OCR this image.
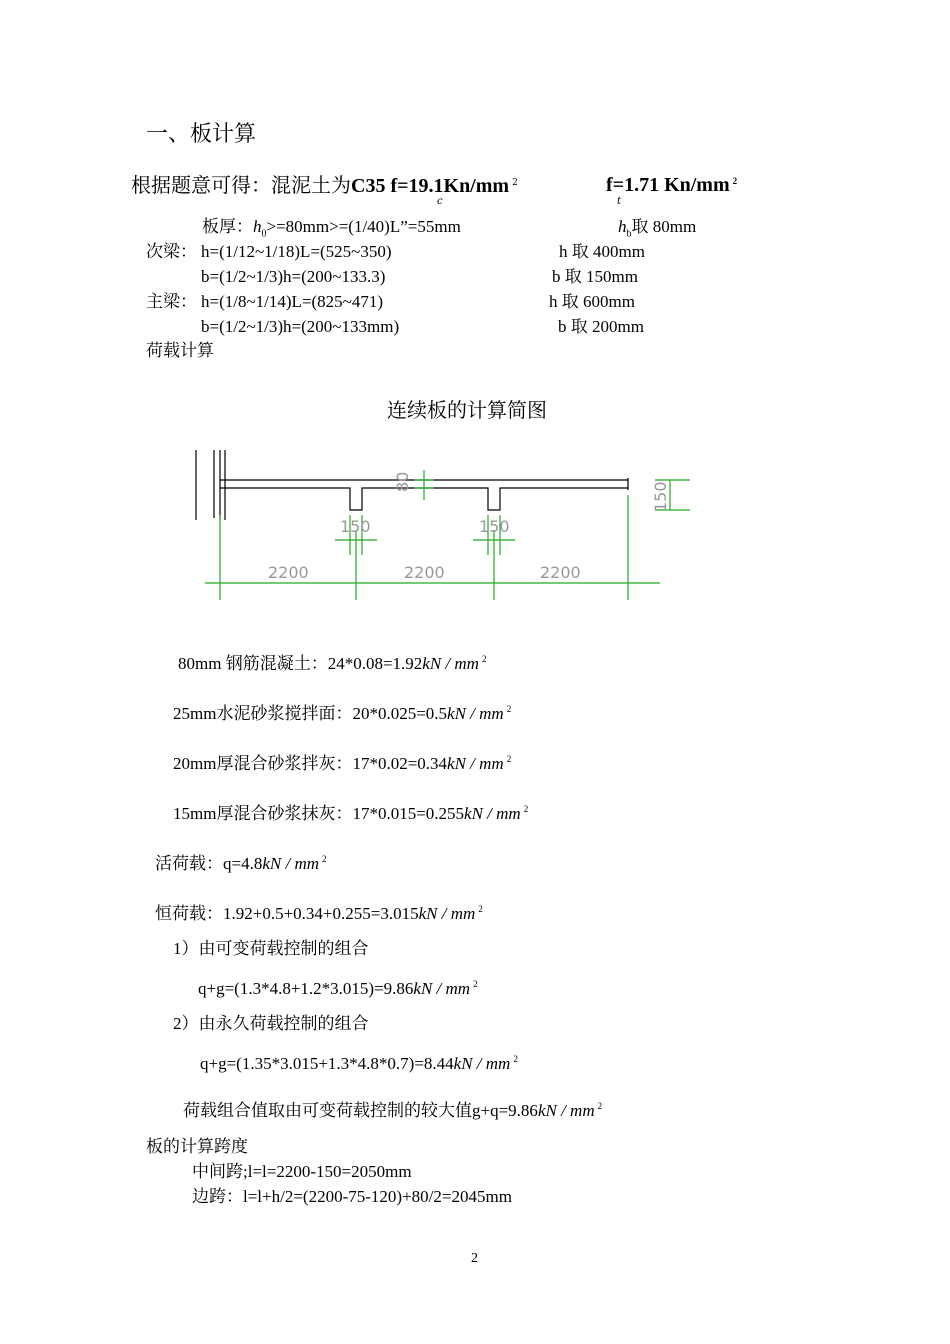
一、板计算
根据题意可得：混泥土为C35 f=19.1Kn/mm $^2$
c
f=1.71 Kn/mm $^2$
t
板厚：$h_0>=80mm>=(1/40)L”=55mm$	$h_b$取 80mm
次梁： h=(1/12~1/18)L=(525~350)	h 取 400mm
b=(1/2~1/3)h=(200~133.3)	b 取 150mm
主梁： h=(1/8~1/14)L=(825~471)	h 取 600mm
b=(1/2~1/3)h=(200~133mm)	b 取 200mm
荷载计算
连续板的计算简图
80
150	150
150
2200	2200	2200
80mm 钢筋混凝土：24*0.08=1.92kN / mm $^2$
25mm水泥砂浆搅拌面：20*0.025=0.5kN / mm $^2$
20mm厚混合砂浆拌灰：17*0.02=0.34kN / mm $^2$
15mm厚混合砂浆抹灰：17*0.015=0.255kN / mm $^2$
活荷载：q=4.8kN / mm $^2$
恒荷载：1.92+0.5+0.34+0.255=3.015kN / mm $^2$
1）由可变荷载控制的组合
q+g=(1.3*4.8+1.2*3.015)=9.86kN / mm $^2$
2）由永久荷载控制的组合
q+g=(1.35*3.015+1.3*4.8*0.7)=8.44kN / mm $^2$
荷载组合值取由可变荷载控制的较大值g+q=9.86kN / mm $^2$
板的计算跨度
中间跨;l=l=2200-150=2050mm
边跨：l=l+h/2=(2200-75-120)+80/2=2045mm
2
